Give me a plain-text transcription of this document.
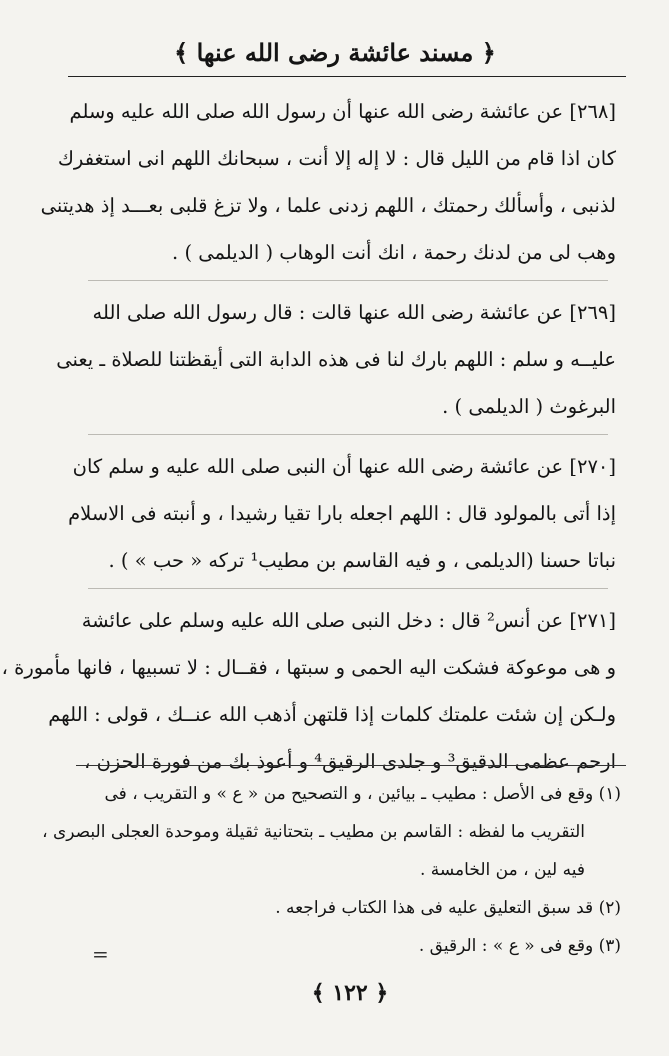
﴿ مسند عائشة رضى الله عنها ﴾
[٢٦٨] عن عائشة رضى الله عنها أن رسول الله صلى الله عليه وسلم
كان اذا قام من الليل قال : لا إله إلا أنت ، سبحانك اللهم انى استغفرك
لذنبى ، وأسألك رحمتك ، اللهم زدنى علما ، ولا تزغ قلبى بعـــد إذ هديتنى
وهب لى من لدنك رحمة ، انك أنت الوهاب ( الديلمى ) .
[٢٦٩] عن عائشة رضى الله عنها قالت : قال رسول الله صلى الله
عليــه و سلم : اللهم بارك لنا فى هذه الدابة التى أيقظتنا للصلاة ـ يعنى
البرغوث ( الديلمى ) .
[٢٧٠] عن عائشة رضى الله عنها أن النبى صلى الله عليه و سلم كان
إذا أتى بالمولود قال : اللهم اجعله بارا تقيا رشيدا ، و أنبته فى الاسلام
نباتا حسنا (الديلمى ، و فيه القاسم بن مطيب¹ تركه « حب » ) .
[٢٧١] عن أنس² قال : دخل النبى صلى الله عليه وسلم على عائشة
و هى موعوكة فشكت اليه الحمى و سبتها ، فقــال : لا تسبيها ، فانها مأمورة ،
ولـكن إن شئت علمتك كلمات إذا قلتهن أذهب الله عنــك ، قولى : اللهم
ارحم عظمى الدقيق³ و جلدى الرقيق⁴ و أعوذ بك من فورة الحزن ،
(١) وقع فى الأصل : مطيب ـ بيائين ، و التصحيح من « ع » و التقريب ، فى
التقريب ما لفظه : القاسم بن مطيب ـ بتحتانية ثقيلة وموحدة العجلى البصرى ،
فيه لين ، من الخامسة .
(٢) قد سبق التعليق عليه فى هذا الكتاب فراجعه .
(٣) وقع فى « ع » : الرقيق .
=
﴿ ١٢٢ ﴾
